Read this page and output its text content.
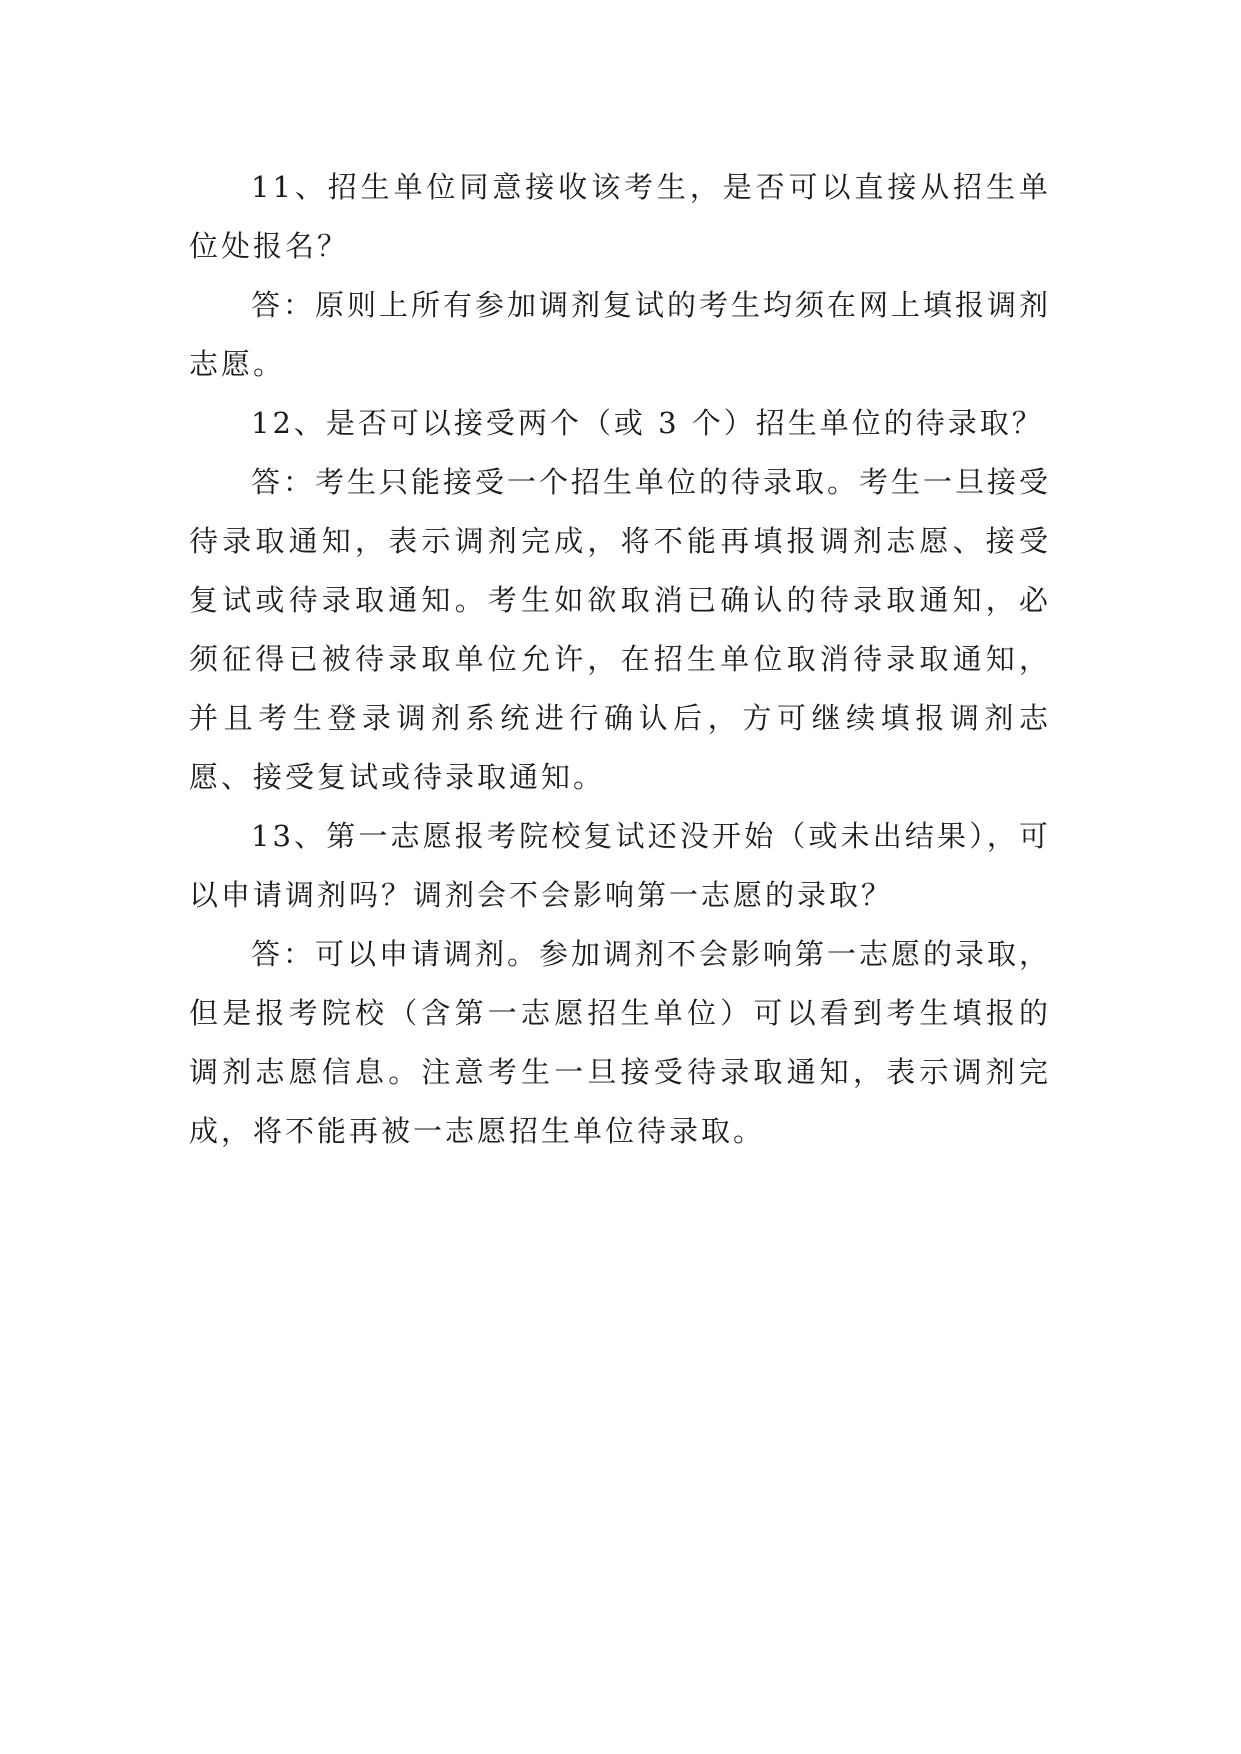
11、招生单位同意接收该考生，是否可以直接从招生单位处报名？

答：原则上所有参加调剂复试的考生均须在网上填报调剂志愿。

12、是否可以接受两个（或 3 个）招生单位的待录取？

答：考生只能接受一个招生单位的待录取。考生一旦接受待录取通知，表示调剂完成，将不能再填报调剂志愿、接受复试或待录取通知。考生如欲取消已确认的待录取通知，必须征得已被待录取单位允许，在招生单位取消待录取通知，并且考生登录调剂系统进行确认后，方可继续填报调剂志愿、接受复试或待录取通知。

13、第一志愿报考院校复试还没开始（或未出结果），可以申请调剂吗？调剂会不会影响第一志愿的录取？

答：可以申请调剂。参加调剂不会影响第一志愿的录取，但是报考院校（含第一志愿招生单位）可以看到考生填报的调剂志愿信息。注意考生一旦接受待录取通知，表示调剂完成，将不能再被一志愿招生单位待录取。
